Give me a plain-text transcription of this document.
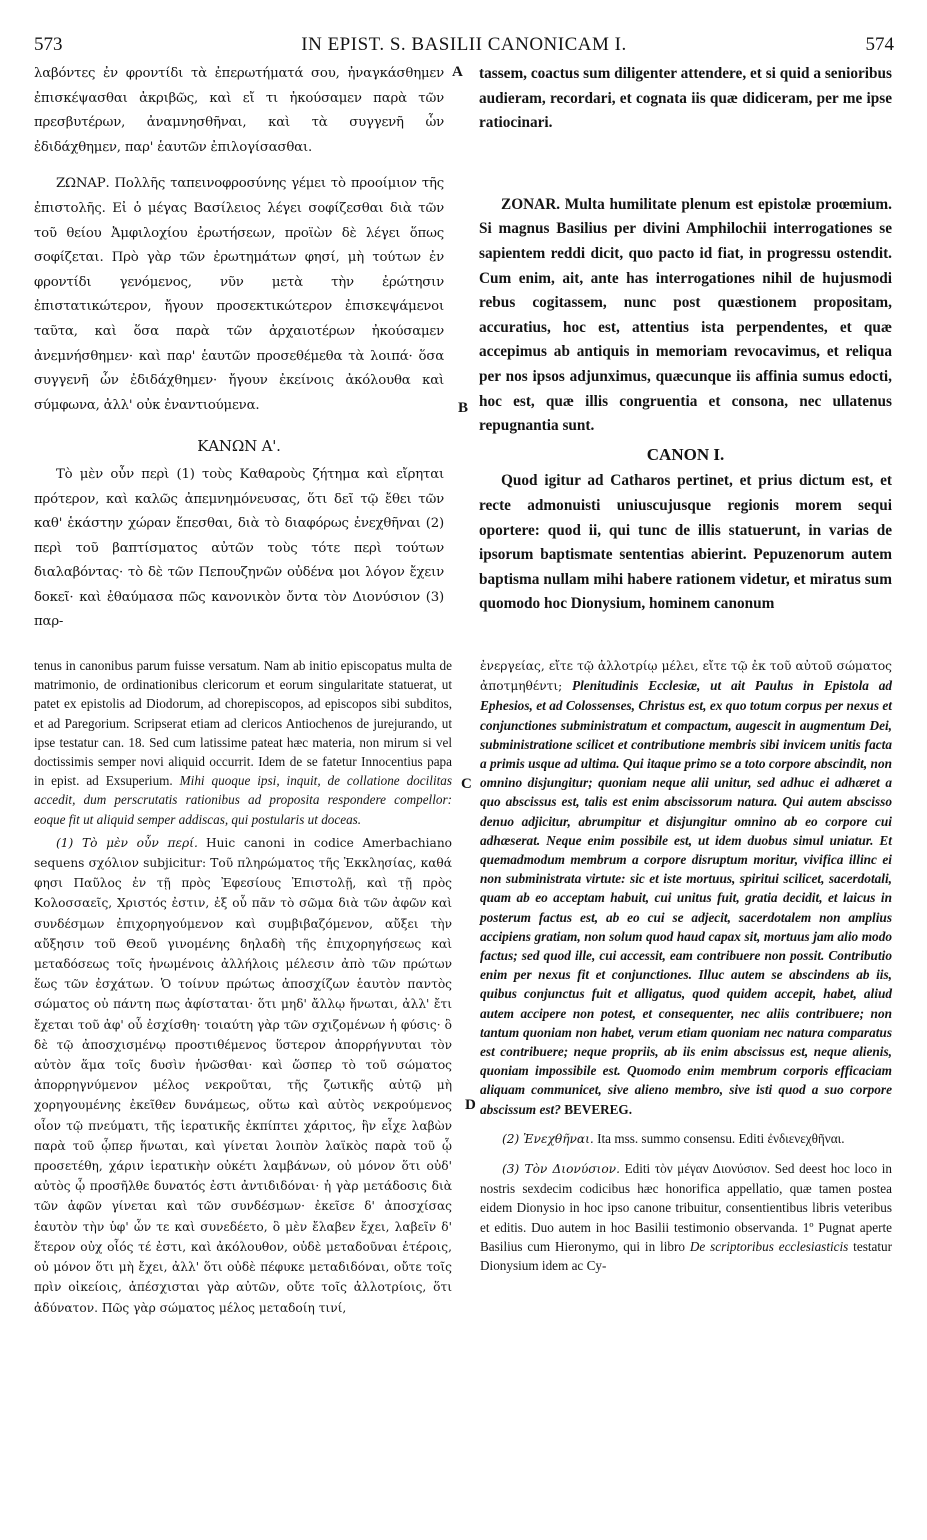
573	IN EPIST. S. BASILII CANONICAM I.	574
A
B
C
D

λαβόντες ἐν φροντίδι τὰ ἐπερωτήματά σου, ἠναγκάσθημεν ἐπισκέψασθαι ἀκριβῶς, καὶ εἴ τι ἠκούσαμεν παρὰ τῶν πρεσβυτέρων, ἀναμνησθῆναι, καὶ τὰ συγγενῆ ὧν ἐδιδάχθημεν, παρ' ἑαυτῶν ἐπιλογίσασθαι.

ΖΩΝΑΡ. Πολλῆς ταπεινοφροσύνης γέμει τὸ προοίμιον τῆς ἐπιστολῆς. Εἰ ὁ μέγας Βασίλειος λέγει σοφίζεσθαι διὰ τῶν τοῦ θείου Ἀμφιλοχίου ἐρωτήσεων, προϊὼν δὲ λέγει ὅπως σοφίζεται. Πρὸ γὰρ τῶν ἐρωτημάτων φησί, μὴ τούτων ἐν φροντίδι γενόμενος, νῦν μετὰ τὴν ἐρώτησιν ἐπιστατικώτερον, ἤγουν προσεκτικώτερον ἐπισκεψάμενοι ταῦτα, καὶ ὅσα παρὰ τῶν ἀρχαιοτέρων ἠκούσαμεν ἀνεμνήσθημεν· καὶ παρ' ἑαυτῶν προσεθέμεθα τὰ λοιπά· ὅσα συγγενῆ ὧν ἐδιδάχθημεν· ἤγουν ἐκείνοις ἀκόλουθα καὶ σύμφωνα, ἀλλ' οὐκ ἐναντιούμενα.

ΚΑΝΩΝ Α'.

Τὸ μὲν οὖν περὶ (1) τοὺς Καθαροὺς ζήτημα καὶ εἴρηται πρότερον, καὶ καλῶς ἀπεμνημόνευσας, ὅτι δεῖ τῷ ἔθει τῶν καθ' ἑκάστην χώραν ἕπεσθαι, διὰ τὸ διαφόρως ἐνεχθῆναι (2) περὶ τοῦ βαπτίσματος αὐτῶν τοὺς τότε περὶ τούτων διαλαβόντας· τὸ δὲ τῶν Πεπουζηνῶν οὐδένα μοι λόγον ἔχειν δοκεῖ· καὶ ἐθαύμασα πῶς κανονικὸν ὄντα τὸν Διονύσιον (3) παρ-

tassem, coactus sum diligenter attendere, et si quid a senioribus audieram, recordari, et cognata iis quæ didiceram, per me ipse ratiocinari.

ZONAR. Multa humilitate plenum est epistolæ proœmium. Si magnus Basilius per divini Amphilochii interrogationes se sapientem reddi dicit, quo pacto id fiat, in progressu ostendit. Cum enim, ait, ante has interrogationes nihil de hujusmodi rebus cogitassem, nunc post quæstionem propositam, accuratius, hoc est, attentius ista perpendentes, et quæ accepimus ab antiquis in memoriam revocavimus, et reliqua per nos ipsos adjunximus, quæcunque iis affinia sumus edocti, hoc est, quæ illis congruentia et consona, nec ullatenus repugnantia sunt.

CANON I.

Quod igitur ad Catharos pertinet, et prius dictum est, et recte admonuisti uniuscujusque regionis morem sequi oportere: quod ii, qui tunc de illis statuerunt, in varias de ipsorum baptismate sententias abierint. Pepuzenorum autem baptisma nullam mihi habere rationem videtur, et miratus sum quomodo hoc Dionysium, hominem canonum

tenus in canonibus parum fuisse versatum. Nam ab initio episcopatus multa de matrimonio, de ordinationibus clericorum et eorum singularitate statuerat, ut patet ex epistolis ad Diodorum, ad chorepiscopos, ad episcopos sibi subditos, et ad Paregorium. Scripserat etiam ad clericos Antiochenos de jurejurando, ut ipse testatur can. 18. Sed cum latissime pateat hæc materia, non mirum si vel doctissimis semper novi aliquid occurrit. Idem de se fatetur Innocentius papa in epist. ad Exsuperium. Mihi quoque ipsi, inquit, de collatione docilitas accedit, dum perscrutatis rationibus ad proposita respondere compellor: eoque fit ut aliquid semper addiscas, qui postularis ut doceas.

(1) Τὸ μὲν οὖν περί. Huic canoni in codice Amerbachiano sequens σχόλιον subjicitur: Τοῦ πληρώματος τῆς Ἐκκλησίας, καθά φησι Παῦλος ἐν τῇ πρὸς Ἐφεσίους Ἐπιστολῇ, καὶ τῇ πρὸς Κολοσσαεῖς, Χριστός ἐστιν, ἐξ οὗ πᾶν τὸ σῶμα διὰ τῶν ἀφῶν καὶ συνδέσμων ἐπιχορηγούμενον καὶ συμβιβαζόμενον, αὔξει τὴν αὔξησιν τοῦ Θεοῦ γινομένης δηλαδὴ τῆς ἐπιχορηγήσεως καὶ μεταδόσεως τοῖς ἡνωμένοις ἀλλήλοις μέλεσιν ἀπὸ τῶν πρώτων ἕως τῶν ἐσχάτων. Ὁ τοίνυν πρώτως ἀποσχίζων ἑαυτὸν παντὸς σώματος οὐ πάντη πως ἀφίσταται· ὅτι μηδ' ἄλλῳ ἥνωται, ἀλλ' ἔτι ἔχεται τοῦ ἀφ' οὗ ἐσχίσθη· τοιαύτη γὰρ τῶν σχιζομένων ἡ φύσις· ὃ δὲ τῷ ἀποσχισμένῳ προστιθέμενος ὕστερον ἀπορρήγνυται τὸν αὐτὸν ἅμα τοῖς δυσὶν ἡνῶσθαι· καὶ ὥσπερ τὸ τοῦ σώματος ἀπορρηγνύμενον μέλος νεκροῦται, τῆς ζωτικῆς αὐτῷ μὴ χορηγουμένης ἐκεῖθεν δυνάμεως, οὕτω καὶ αὐτὸς νεκρούμενος οἷον τῷ πνεύματι, τῆς ἱερατικῆς ἐκπίπτει χάριτος, ἣν εἶχε λαβὼν παρὰ τοῦ ᾧπερ ἥνωται, καὶ γίνεται λοιπὸν λαϊκὸς παρὰ τοῦ ᾧ προσετέθη, χάριν ἱερατικὴν οὐκέτι λαμβάνων, οὐ μόνον ὅτι οὐδ' αὐτὸς ᾧ προσῆλθε δυνατός ἐστι ἀντιδιδόναι· ἡ γὰρ μετάδοσις διὰ τῶν ἀφῶν γίνεται καὶ τῶν συνδέσμων· ἐκεῖσε δ' ἀποσχίσας ἑαυτὸν τὴν ὑφ' ὧν τε καὶ συνεδέετο, ὃ μὲν ἔλαβεν ἔχει, λαβεῖν δ' ἕτερον οὐχ οἷός τέ ἐστι, καὶ ἀκόλουθον, οὐδὲ μεταδοῦναι ἑτέροις, οὐ μόνον ὅτι μὴ ἔχει, ἀλλ' ὅτι οὐδὲ πέφυκε μεταδιδόναι, οὔτε τοῖς πρὶν οἰκείοις, ἀπέσχισται γὰρ αὐτῶν, οὔτε τοῖς ἀλλοτρίοις, ὅτι ἀδύνατον. Πῶς γὰρ σώματος μέλος μεταδοίη τινί,

ἐνεργείας, εἴτε τῷ ἀλλοτρίῳ μέλει, εἴτε τῷ ἐκ τοῦ αὐτοῦ σώματος ἀποτμηθέντι; Plenitudinis Ecclesiæ, ut ait Paulus in Epistola ad Ephesios, et ad Colossenses, Christus est, ex quo totum corpus per nexus et conjunctiones subministratum et compactum, augescit in augmentum Dei, subministratione scilicet et contributione membris sibi invicem unitis facta a primis usque ad ultima. Qui itaque primo se a toto corpore abscindit, non omnino disjungitur; quoniam neque alii unitur, sed adhuc ei adhæret a quo abscissus est, talis est enim abscissorum natura. Qui autem abscisso denuo adjicitur, abrumpitur et disjungitur omnino ab eo corpore cui adhæserat. Neque enim possibile est, ut idem duobus simul uniatur. Et quemadmodum membrum a corpore disruptum moritur, vivifica illinc ei non subministrata virtute: sic et iste mortuus, spiritui scilicet, sacerdotali, quam ab eo acceptam habuit, cui unitus fuit, gratia decidit, et laicus in posterum factus est, ab eo cui se adjecit, sacerdotalem non amplius accipiens gratiam, non solum quod haud capax sit, mortuus jam alio modo factus; sed quod ille, cui accessit, eam contribuere non possit. Contributio enim per nexus fit et conjunctiones. Illuc autem se abscindens ab iis, quibus conjunctus fuit et alligatus, quod quidem accepit, habet, aliud autem accipere non potest, et consequenter, nec aliis contribuere; non tantum quoniam non habet, verum etiam quoniam nec natura comparatus est contribuere; neque propriis, ab iis enim abscissus est, neque alienis, quoniam impossibile est. Quomodo enim membrum corporis efficaciam aliquam communicet, sive alieno membro, sive isti quod a suo corpore abscissum est? BEVEREG.

(2) Ἐνεχθῆναι. Ita mss. summo consensu. Editi ἐνδιενεχθῆναι.

(3) Τὸν Διονύσιον. Editi τὸν μέγαν Διονύσιον. Sed deest hoc loco in nostris sexdecim codicibus hæc honorifica appellatio, quæ tamen postea eidem Dionysio in hoc ipso canone tribuitur, consentientibus libris veteribus et editis. Duo autem in hoc Basilii testimonio observanda. 1º Pugnat aperte Basilius cum Hieronymo, qui in libro De scriptoribus ecclesiasticis testatur Dionysium idem ac Cy-
